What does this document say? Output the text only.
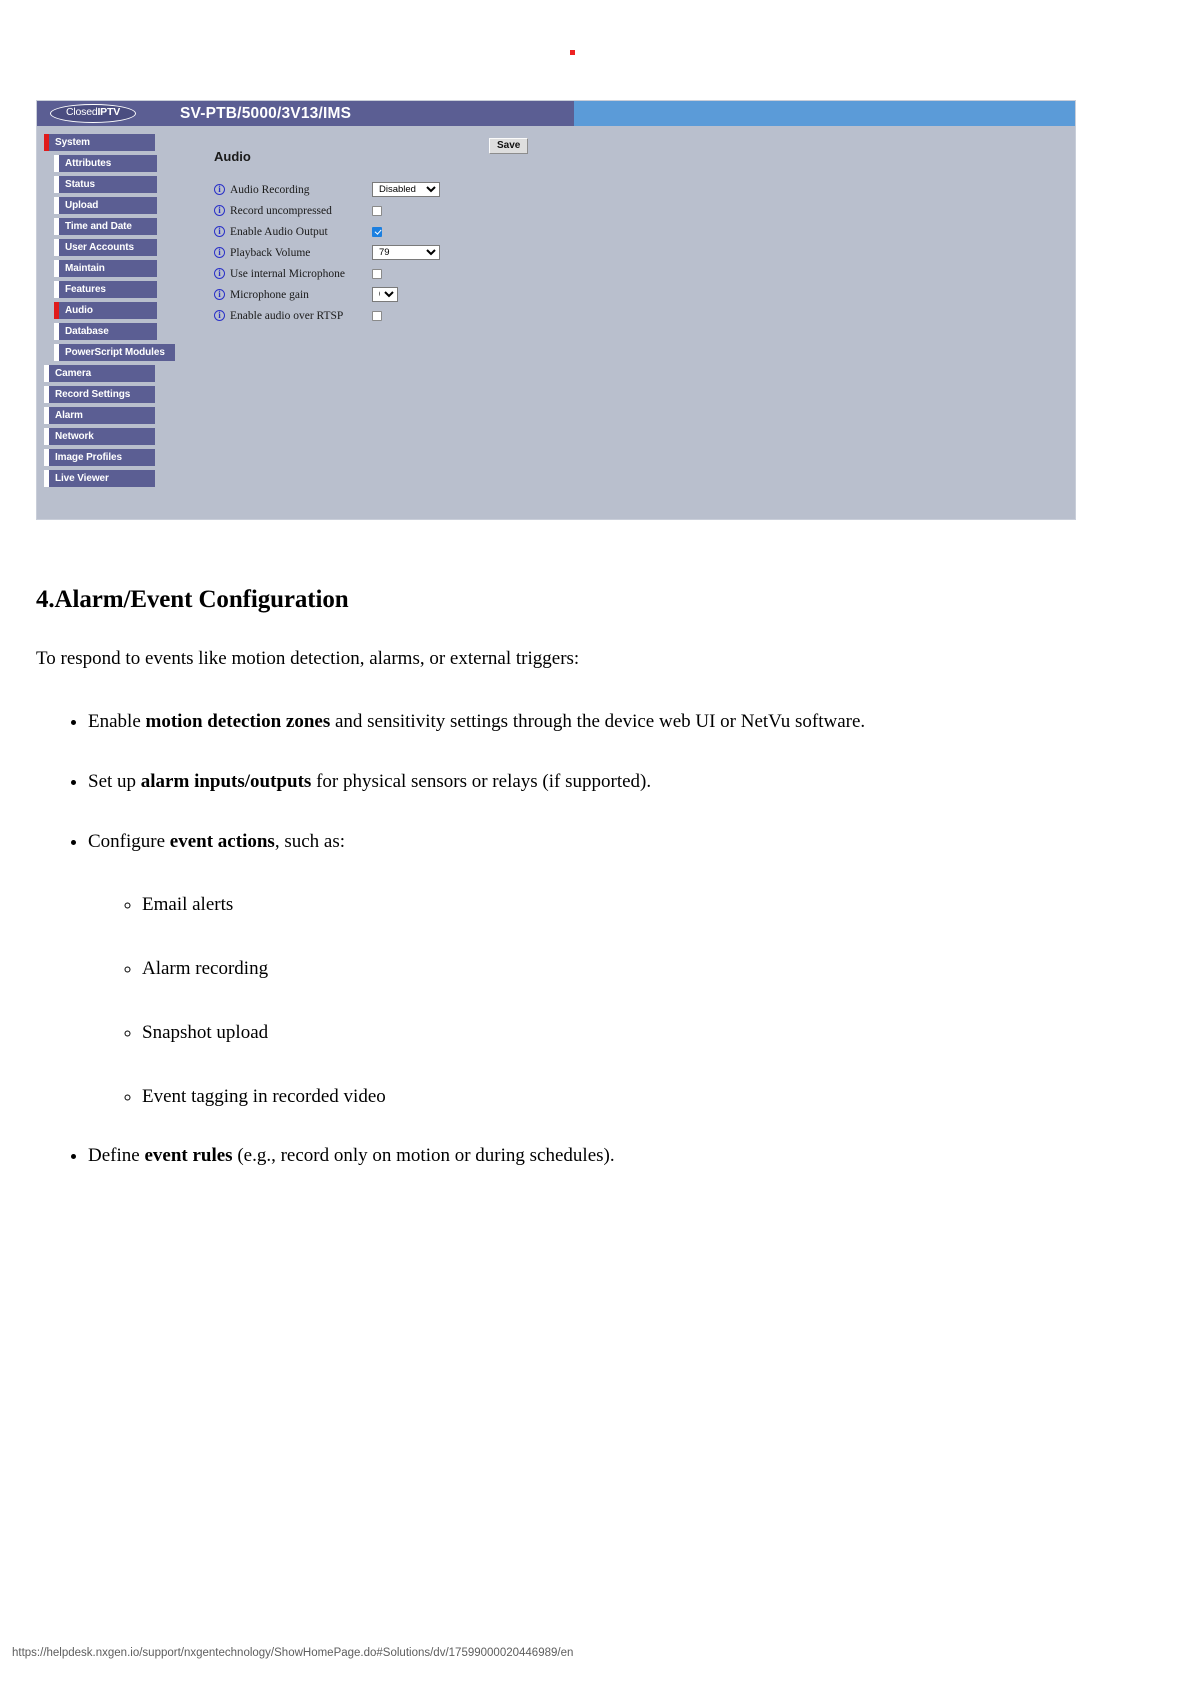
ClosedIPTV	SV-PTB/5000/3V13/IMS
System
Attributes
Status
Upload
Time and Date
User Accounts
Maintain
Features
Audio
Database
PowerScript Modules
Camera
Record Settings
Alarm
Network
Image Profiles
Live Viewer
Save
Audio
i Audio Recording
Disabled
i Record uncompressed
i Enable Audio Output
i Playback Volume
79
i Use internal Microphone
i Microphone gain
0
i Enable audio over RTSP
4.Alarm/Event Configuration

To respond to events like motion detection, alarms, or external triggers:

• Enable motion detection zones and sensitivity settings through the device web UI or NetVu software.
• Set up alarm inputs/outputs for physical sensors or relays (if supported).
• Configure event actions, such as:
◦ Email alerts
◦ Alarm recording
◦ Snapshot upload
◦ Event tagging in recorded video
• Define event rules (e.g., record only on motion or during schedules).
https://helpdesk.nxgen.io/support/nxgentechnology/ShowHomePage.do#Solutions/dv/17599000020446989/en
